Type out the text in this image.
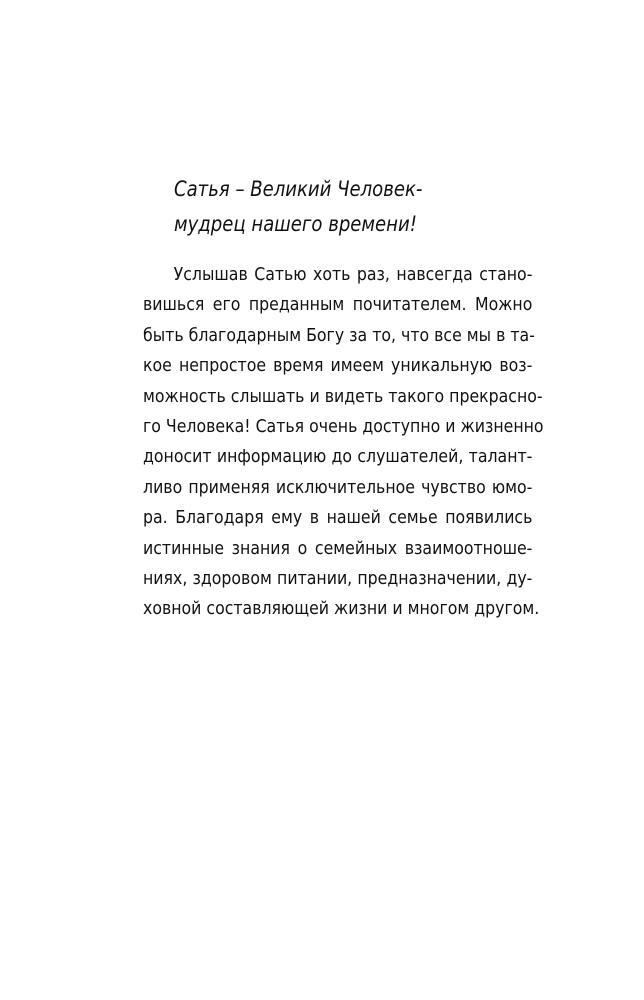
Сатья – Великий Человек-
мудрец нашего времени!
Услышав Сатью хоть раз, навсегда стано-
вишься его преданным почитателем. Можно
быть благодарным Богу за то, что все мы в та-
кое непростое время имеем уникальную воз-
можность слышать и видеть такого прекрасно-
го Человека! Сатья очень доступно и жизненно
доносит информацию до слушателей, талант-
ливо применяя исключительное чувство юмо-
ра. Благодаря ему в нашей семье появились
истинные знания о семейных взаимоотноше-
ниях, здоровом питании, предназначении, ду-
ховной составляющей жизни и многом другом.
